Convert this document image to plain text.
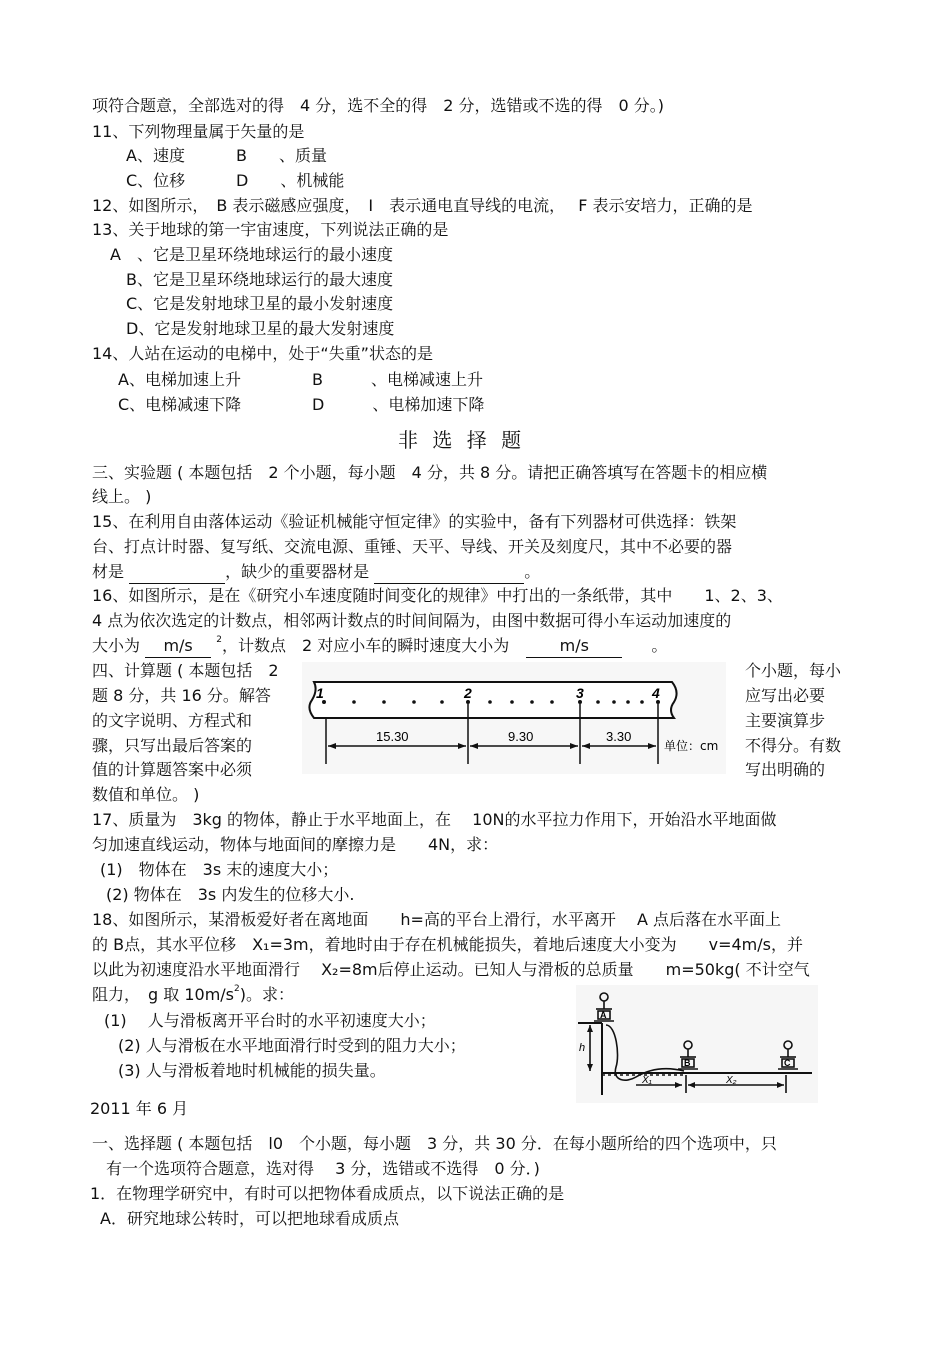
项符合题意，全部选对的得　4 分，选不全的得　2 分，选错或不选的得　0 分。)
11、下列物理量属于矢量的是
A、速度	B　　、质量
C、位移	D　　、机械能
12、如图所示，　B 表示磁感应强度，　I　表示通电直导线的电流，　 F 表示安培力，正确的是
13、关于地球的第一宇宙速度，下列说法正确的是
A　、它是卫星环绕地球运行的最小速度
B、它是卫星环绕地球运行的最大速度
C、它是发射地球卫星的最小发射速度
D、它是发射地球卫星的最大发射速度
14、人站在运动的电梯中，处于“失重”状态的是
A、电梯加速上升	B　　　、电梯减速上升
C、电梯减速下降	D　　　、电梯加速下降
非 选 择 题
三、实验题 ( 本题包括　2 个小题，每小题　4 分，共 8 分。请把正确答填写在答题卡的相应横
线上。 )
15、在利用自由落体运动《验证机械能守恒定律》的实验中，备有下列器材可供选择：铁架
台、打点计时器、复写纸、交流电源、重锤、天平、导线、开关及刻度尺，其中不必要的器
材是	，缺少的重要器材是	。
16、如图所示，是在《研究小车速度随时间变化的规律》中打出的一条纸带，其中　　1、2、3、
4 点为依次选定的计数点，相邻两计数点的时间间隔为，由图中数据可得小车运动加速度的
大小为 m/s	$^2$，计数点　2 对应小车的瞬时速度大小为	m/s	。
四、计算题 ( 本题包括　2
题 8 分，共 16 分。解答
的文字说明、方程式和
骤，只写出最后答案的
值的计算题答案中必须
数值和单位。 )
个小题，每小
应写出必要
主要演算步
不得分。有数
写出明确的
1	2	3	4
15.30	9.30	3.30
单位：cm
17、质量为　3kg 的物体，静止于水平地面上，在　 10N的水平拉力作用下，开始沿水平地面做
匀加速直线运动，物体与地面间的摩擦力是　　4N，求：
(1)　物体在　3s 末的速度大小；
(2) 物体在　3s 内发生的位移大小.
18、如图所示，某滑板爱好者在离地面　　h=高的平台上滑行，水平离开　 A 点后落在水平面上
的 B点，其水平位移　X₁=3m，着地时由于存在机械能损失，着地后速度大小变为　　v=4m/s，并
以此为初速度沿水平地面滑行　 X₂=8m后停止运动。已知人与滑板的总质量　　m=50kg( 不计空气
阻力，　g 取 $10m/s^2$)。求：
(1)　 人与滑板离开平台时的水平初速度大小；
(2) 人与滑板在水平地面滑行时受到的阻力大小；
(3) 人与滑板着地时机械能的损失量。
A
h
B	C
X₁	X₂
2011 年 6 月
一、选择题 ( 本题包括　l0　个小题，每小题　3 分，共 30 分．在每小题所给的四个选项中，只
有一个选项符合题意，选对得　 3 分，选错或不选得　0 分．)
1．在物理学研究中，有时可以把物体看成质点，以下说法正确的是
A．研究地球公转时，可以把地球看成质点
